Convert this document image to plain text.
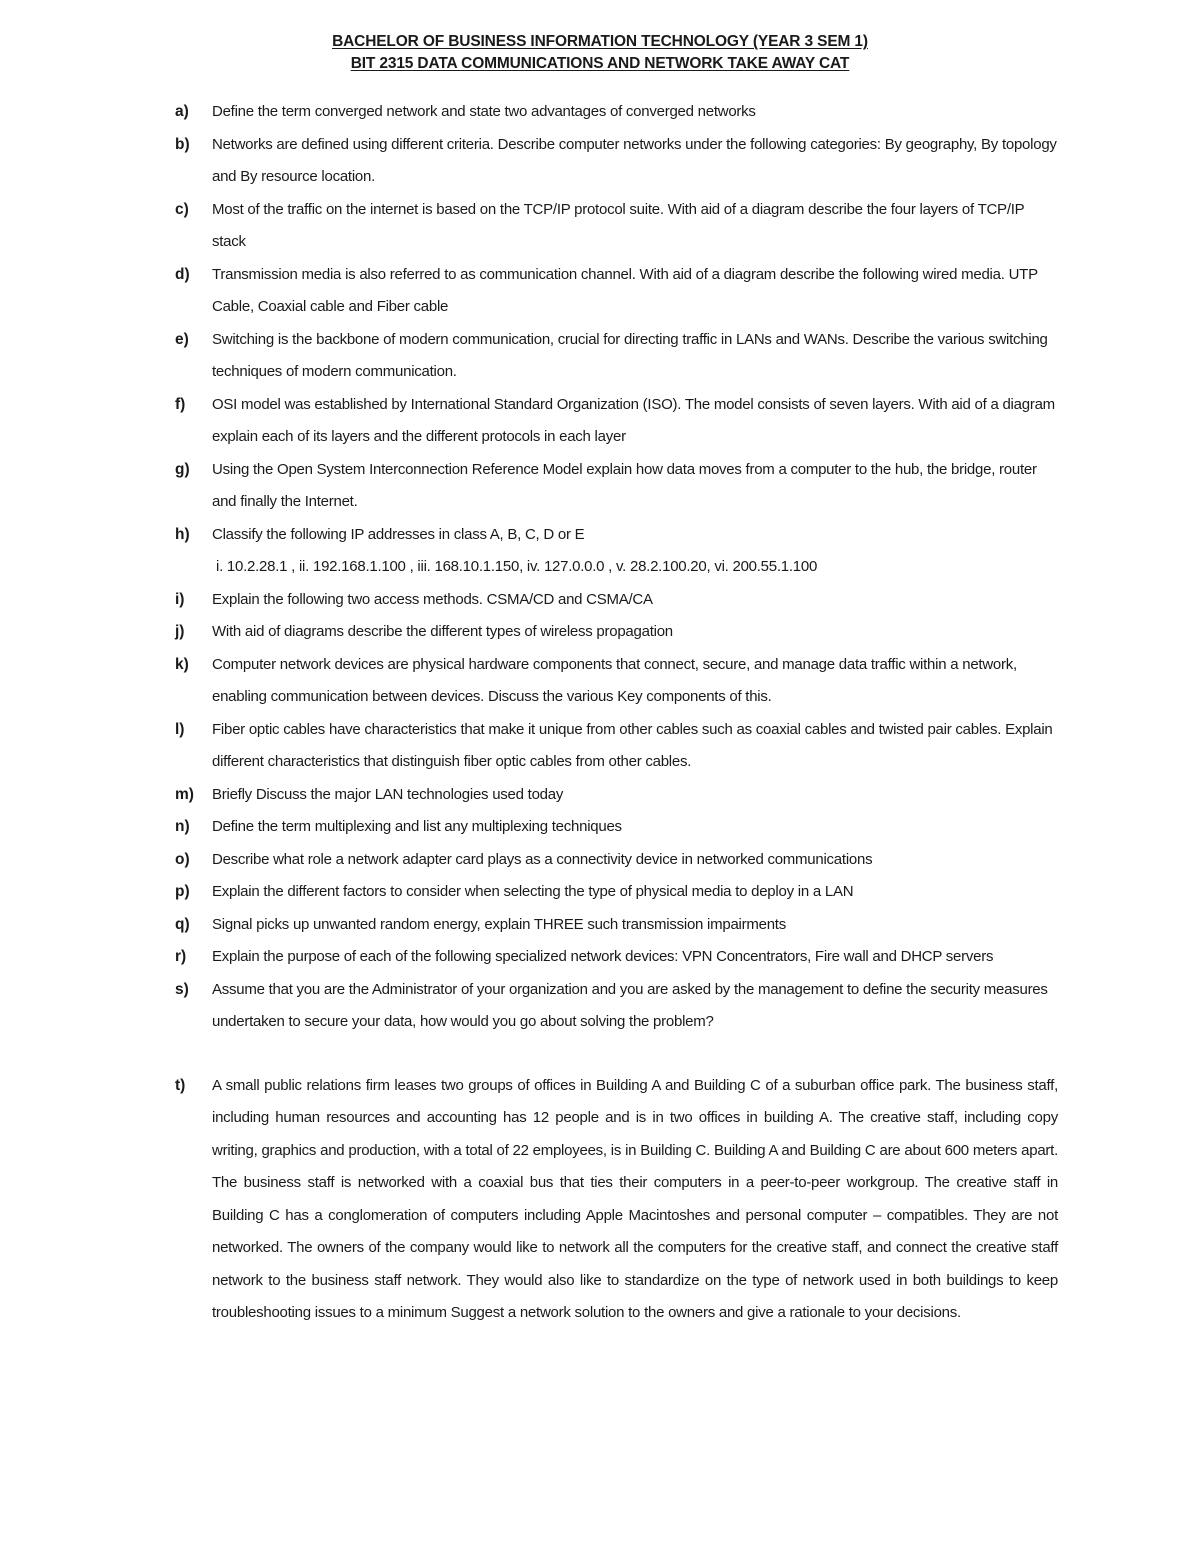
BACHELOR OF BUSINESS INFORMATION TECHNOLOGY (YEAR 3 SEM 1)
BIT 2315 DATA COMMUNICATIONS AND NETWORK TAKE AWAY CAT
a) Define the term converged network and state two advantages of converged networks
b) Networks are defined using different criteria. Describe computer networks under the following categories: By geography, By topology and By resource location.
c) Most of the traffic on the internet is based on the TCP/IP protocol suite. With aid of a diagram describe the four layers of TCP/IP stack
d) Transmission media is also referred to as communication channel. With aid of a diagram describe the following wired media. UTP Cable, Coaxial cable and Fiber cable
e) Switching is the backbone of modern communication, crucial for directing traffic in LANs and WANs. Describe the various switching techniques of modern communication.
f) OSI model was established by International Standard Organization (ISO). The model consists of seven layers. With aid of a diagram explain each of its layers and the different protocols in each layer
g) Using the Open System Interconnection Reference Model explain how data moves from a computer to the hub, the bridge, router and finally the Internet.
h) Classify the following IP addresses in class A, B, C, D or E
i. 10.2.28.1 , ii. 192.168.1.100 , iii. 168.10.1.150, iv. 127.0.0.0 , v. 28.2.100.20, vi. 200.55.1.100
i) Explain the following two access methods. CSMA/CD and CSMA/CA
j) With aid of diagrams describe the different types of wireless propagation
k) Computer network devices are physical hardware components that connect, secure, and manage data traffic within a network, enabling communication between devices. Discuss the various Key components of this.
l) Fiber optic cables have characteristics that make it unique from other cables such as coaxial cables and twisted pair cables. Explain different characteristics that distinguish fiber optic cables from other cables.
m) Briefly Discuss the major LAN technologies used today
n) Define the term multiplexing and list any multiplexing techniques
o) Describe what role a network adapter card plays as a connectivity device in networked communications
p) Explain the different factors to consider when selecting the type of physical media to deploy in a LAN
q) Signal picks up unwanted random energy, explain THREE such transmission impairments
r) Explain the purpose of each of the following specialized network devices: VPN Concentrators, Fire wall and DHCP servers
s) Assume that you are the Administrator of your organization and you are asked by the management to define the security measures undertaken to secure your data, how would you go about solving the problem?
t) A small public relations firm leases two groups of offices in Building A and Building C of a suburban office park. The business staff, including human resources and accounting has 12 people and is in two offices in building A. The creative staff, including copy writing, graphics and production, with a total of 22 employees, is in Building C. Building A and Building C are about 600 meters apart. The business staff is networked with a coaxial bus that ties their computers in a peer-to-peer workgroup. The creative staff in Building C has a conglomeration of computers including Apple Macintoshes and personal computer – compatibles. They are not networked. The owners of the company would like to network all the computers for the creative staff, and connect the creative staff network to the business staff network. They would also like to standardize on the type of network used in both buildings to keep troubleshooting issues to a minimum Suggest a network solution to the owners and give a rationale to your decisions.
